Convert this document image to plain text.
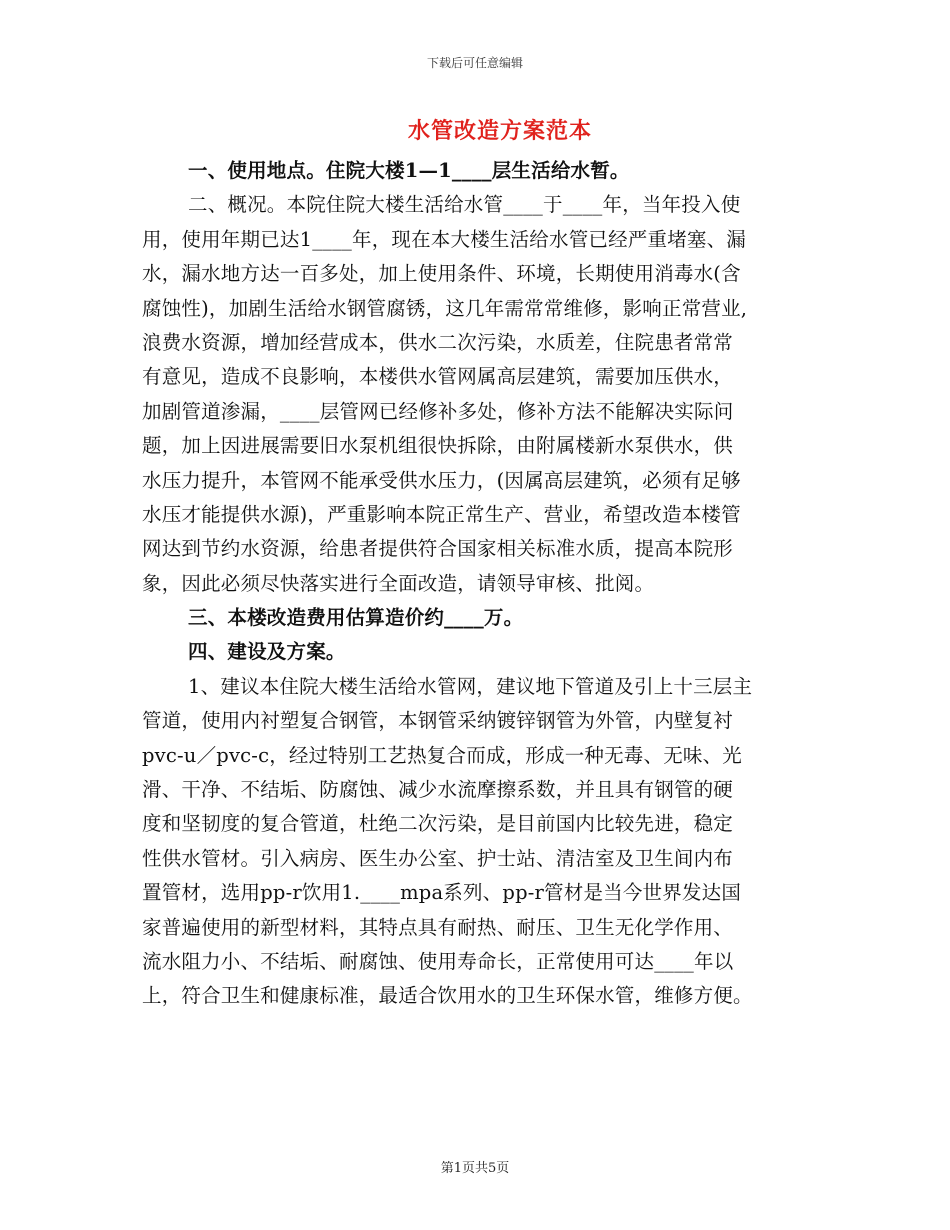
下载后可任意编辑
水管改造方案范本
一、使用地点。住院大楼1—1____层生活给水暂。
二、概况。本院住院大楼生活给水管____于____年，当年投入使
用，使用年期已达1____年，现在本大楼生活给水管已经严重堵塞、漏
水，漏水地方达一百多处，加上使用条件、环境，长期使用消毒水(含
腐蚀性)，加剧生活给水钢管腐锈，这几年需常常维修，影响正常营业,
浪费水资源，增加经营成本，供水二次污染，水质差，住院患者常常
有意见，造成不良影响，本楼供水管网属高层建筑，需要加压供水，
加剧管道渗漏，____层管网已经修补多处，修补方法不能解决实际问
题，加上因进展需要旧水泵机组很快拆除，由附属楼新水泵供水，供
水压力提升，本管网不能承受供水压力，(因属高层建筑，必须有足够
水压才能提供水源)，严重影响本院正常生产、营业，希望改造本楼管
网达到节约水资源，给患者提供符合国家相关标准水质，提高本院形
象，因此必须尽快落实进行全面改造，请领导审核、批阅。
三、本楼改造费用估算造价约____万。
四、建设及方案。
1、建议本住院大楼生活给水管网，建议地下管道及引上十三层主
管道，使用内衬塑复合钢管，本钢管采纳镀锌钢管为外管，内壁复衬
pvc-u／pvc-c，经过特别工艺热复合而成，形成一种无毒、无味、光
滑、干净、不结垢、防腐蚀、减少水流摩擦系数，并且具有钢管的硬
度和坚韧度的复合管道，杜绝二次污染，是目前国内比较先进，稳定
性供水管材。引入病房、医生办公室、护士站、清洁室及卫生间内布
置管材，选用pp-r饮用1.____mpa系列、pp-r管材是当今世界发达国
家普遍使用的新型材料，其特点具有耐热、耐压、卫生无化学作用、
流水阻力小、不结垢、耐腐蚀、使用寿命长，正常使用可达____年以
上，符合卫生和健康标准，最适合饮用水的卫生环保水管，维修方便。
第1页共5页
